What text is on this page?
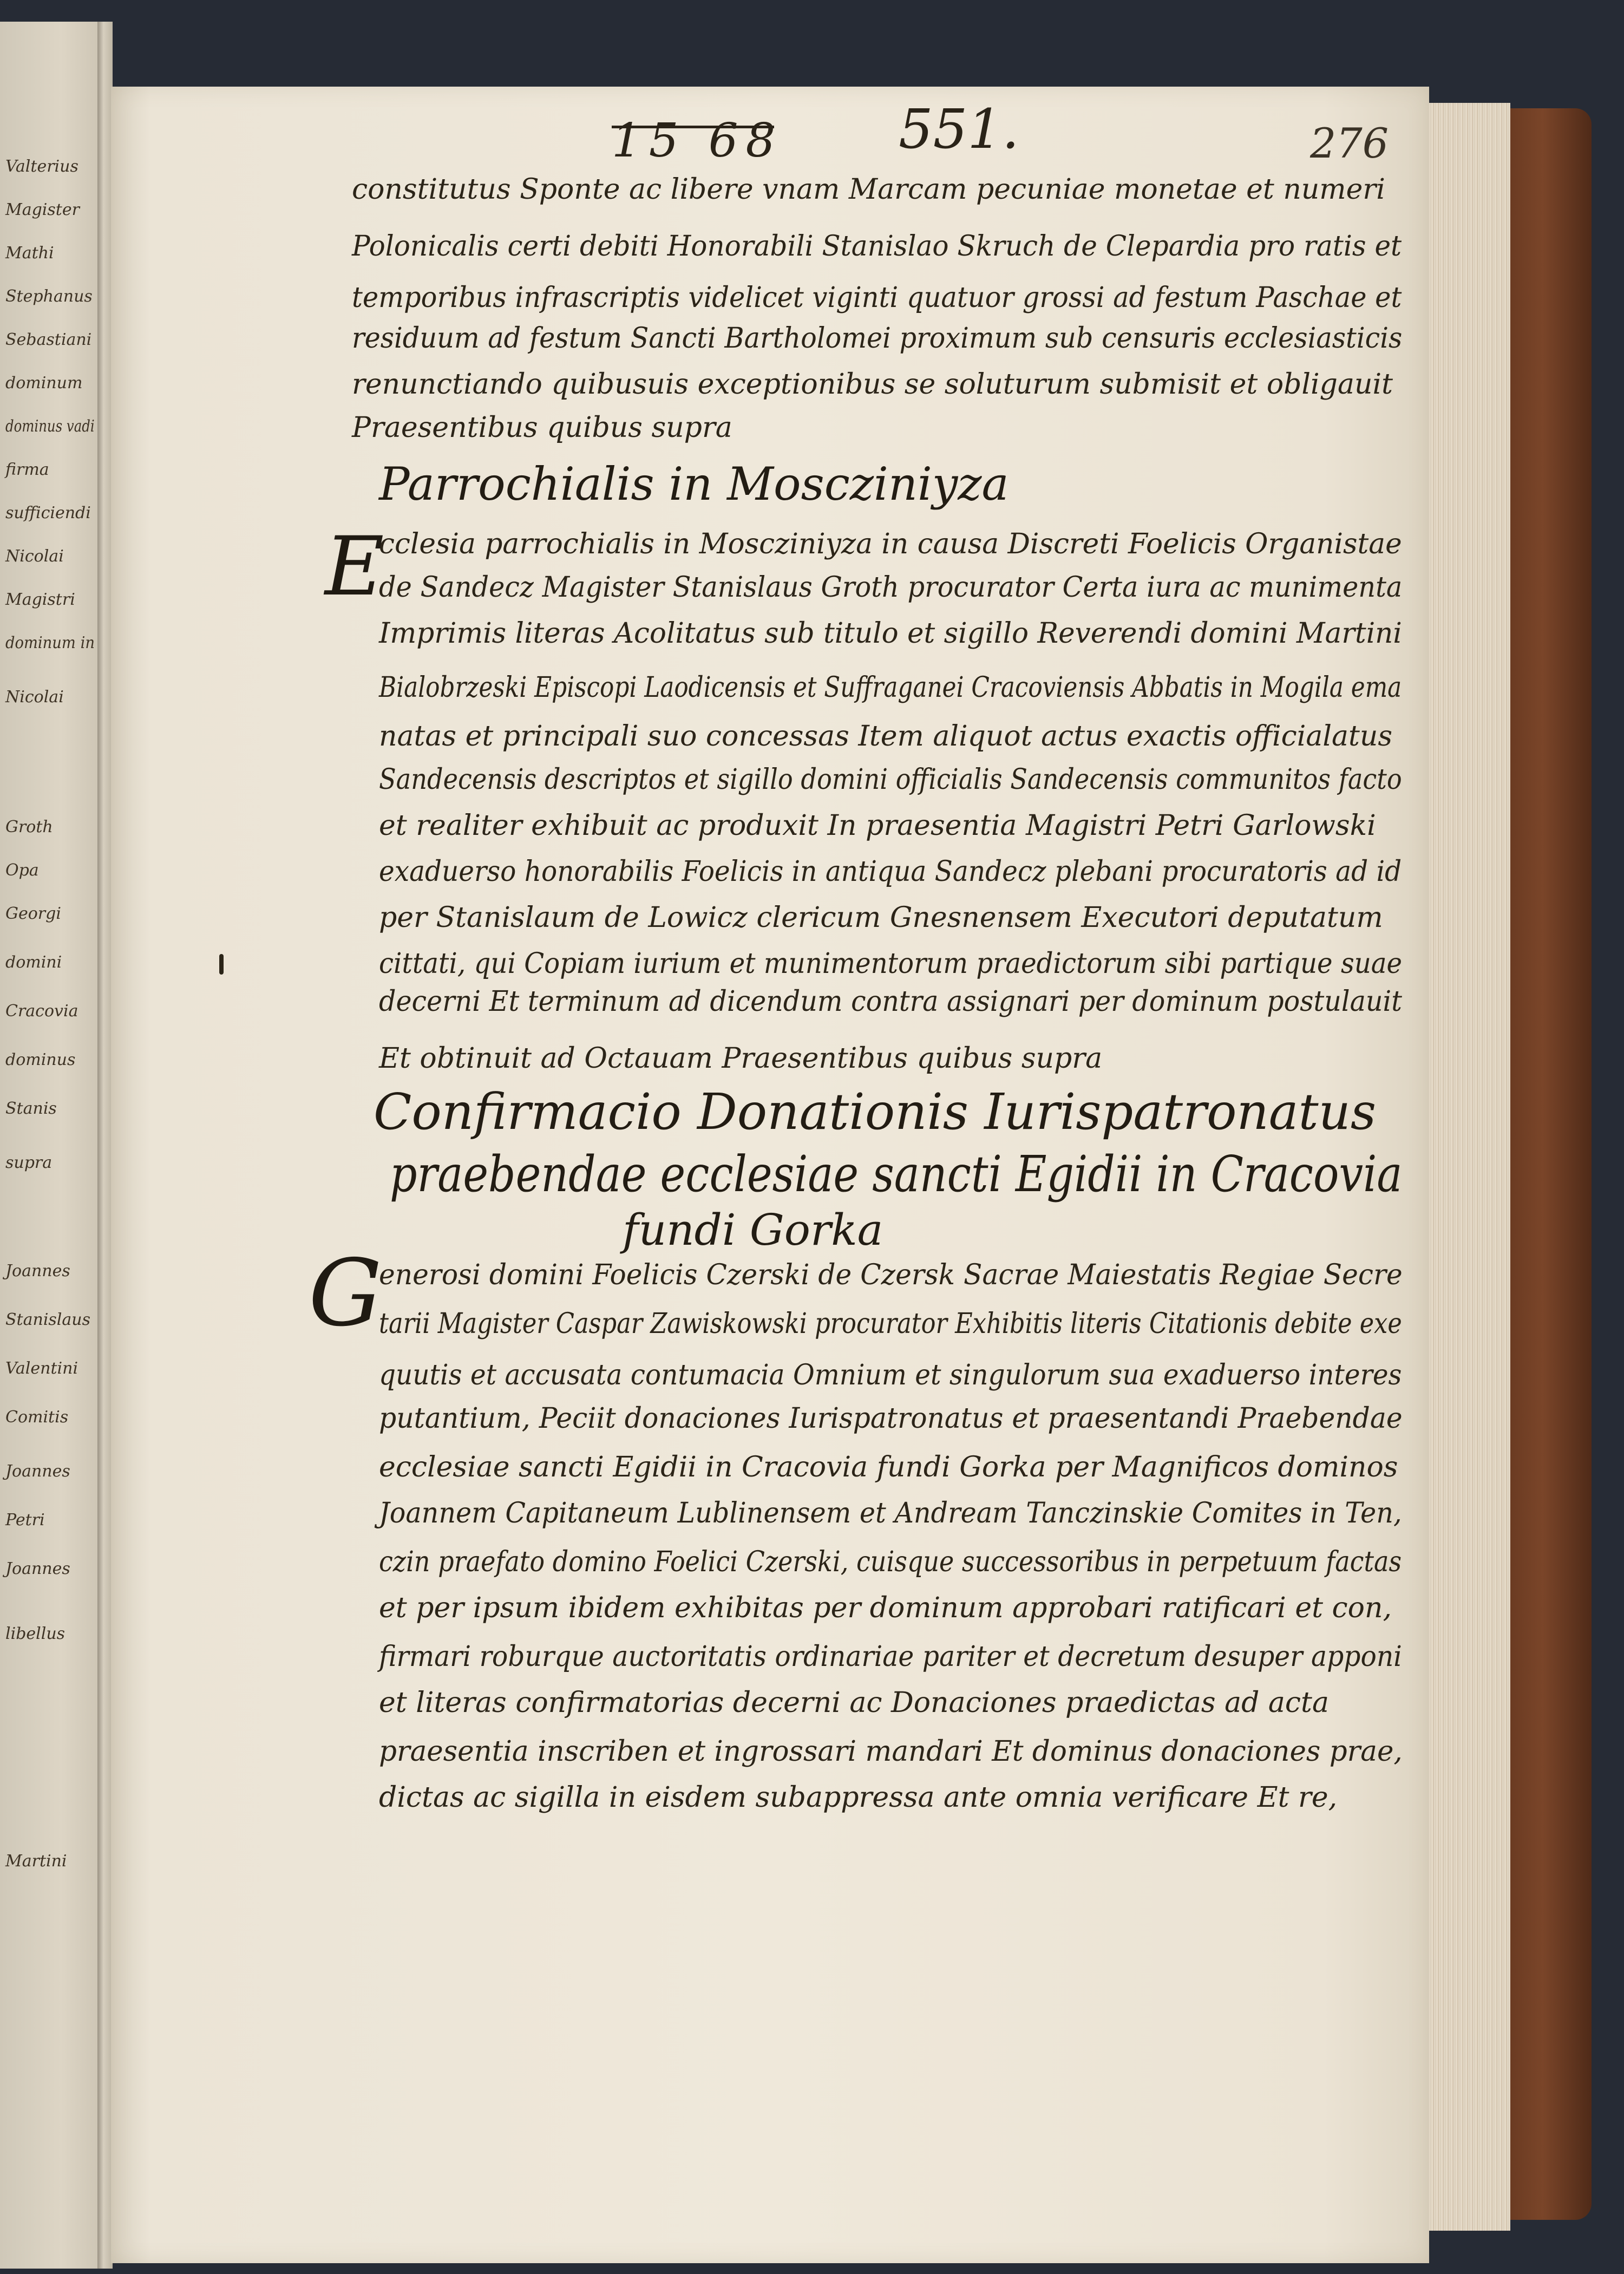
Valterius
Magister
Mathi
Stephanus
Sebastiani
dominum
dominus vadi
firma
sufficiendi
Nicolai
Magistri
dominum in
Nicolai
Groth
Opa
Georgi
domini
Cracovia
dominus
Stanis
supra
Joannes
Stanislaus
Valentini
Comitis
Joannes
Petri
Joannes
libellus
Martini
15 68 551.	276
constitutus Sponte ac libere vnam Marcam pecuniae monetae et numeri
Polonicalis certi debiti Honorabili Stanislao Skruch de Clepardia pro ratis et
temporibus infrascriptis videlicet viginti quatuor grossi ad festum Paschae et
residuum ad festum Sancti Bartholomei proximum sub censuris ecclesiasticis
renunctiando quibusuis exceptionibus se soluturum submisit et obligauit
Praesentibus quibus supra
Parrochialis in Moscziniyza
E
cclesia parrochialis in Moscziniyza in causa Discreti Foelicis Organistae
de Sandecz Magister Stanislaus Groth procurator Certa iura ac munimenta
Imprimis literas Acolitatus sub titulo et sigillo Reverendi domini Martini
Bialobrzeski Episcopi Laodicensis et Suffraganei Cracoviensis Abbatis in Mogila ema
natas et principali suo concessas Item aliquot actus exactis officialatus
Sandecensis descriptos et sigillo domini officialis Sandecensis communitos facto
et realiter exhibuit ac produxit In praesentia Magistri Petri Garlowski
exaduerso honorabilis Foelicis in antiqua Sandecz plebani procuratoris ad id
per Stanislaum de Lowicz clericum Gnesnensem Executori deputatum
cittati, qui Copiam iurium et munimentorum praedictorum sibi partique suae
decerni Et terminum ad dicendum contra assignari per dominum postulauit
Et obtinuit ad Octauam Praesentibus quibus supra
Confirmacio Donationis Iurispatronatus
praebendae ecclesiae sancti Egidii in Cracovia
fundi Gorka
G
enerosi domini Foelicis Czerski de Czersk Sacrae Maiestatis Regiae Secre
tarii Magister Caspar Zawiskowski procurator Exhibitis literis Citationis debite exe
quutis et accusata contumacia Omnium et singulorum sua exaduerso interes
putantium, Peciit donaciones Iurispatronatus et praesentandi Praebendae
ecclesiae sancti Egidii in Cracovia fundi Gorka per Magnificos dominos
Joannem Capitaneum Lublinensem et Andream Tanczinskie Comites in Ten,
czin praefato domino Foelici Czerski, cuisque successoribus in perpetuum factas
et per ipsum ibidem exhibitas per dominum approbari ratificari et con,
firmari roburque auctoritatis ordinariae pariter et decretum desuper apponi
et literas confirmatorias decerni ac Donaciones praedictas ad acta
praesentia inscriben et ingrossari mandari Et dominus donaciones prae,
dictas ac sigilla in eisdem subappressa ante omnia verificare Et re,
